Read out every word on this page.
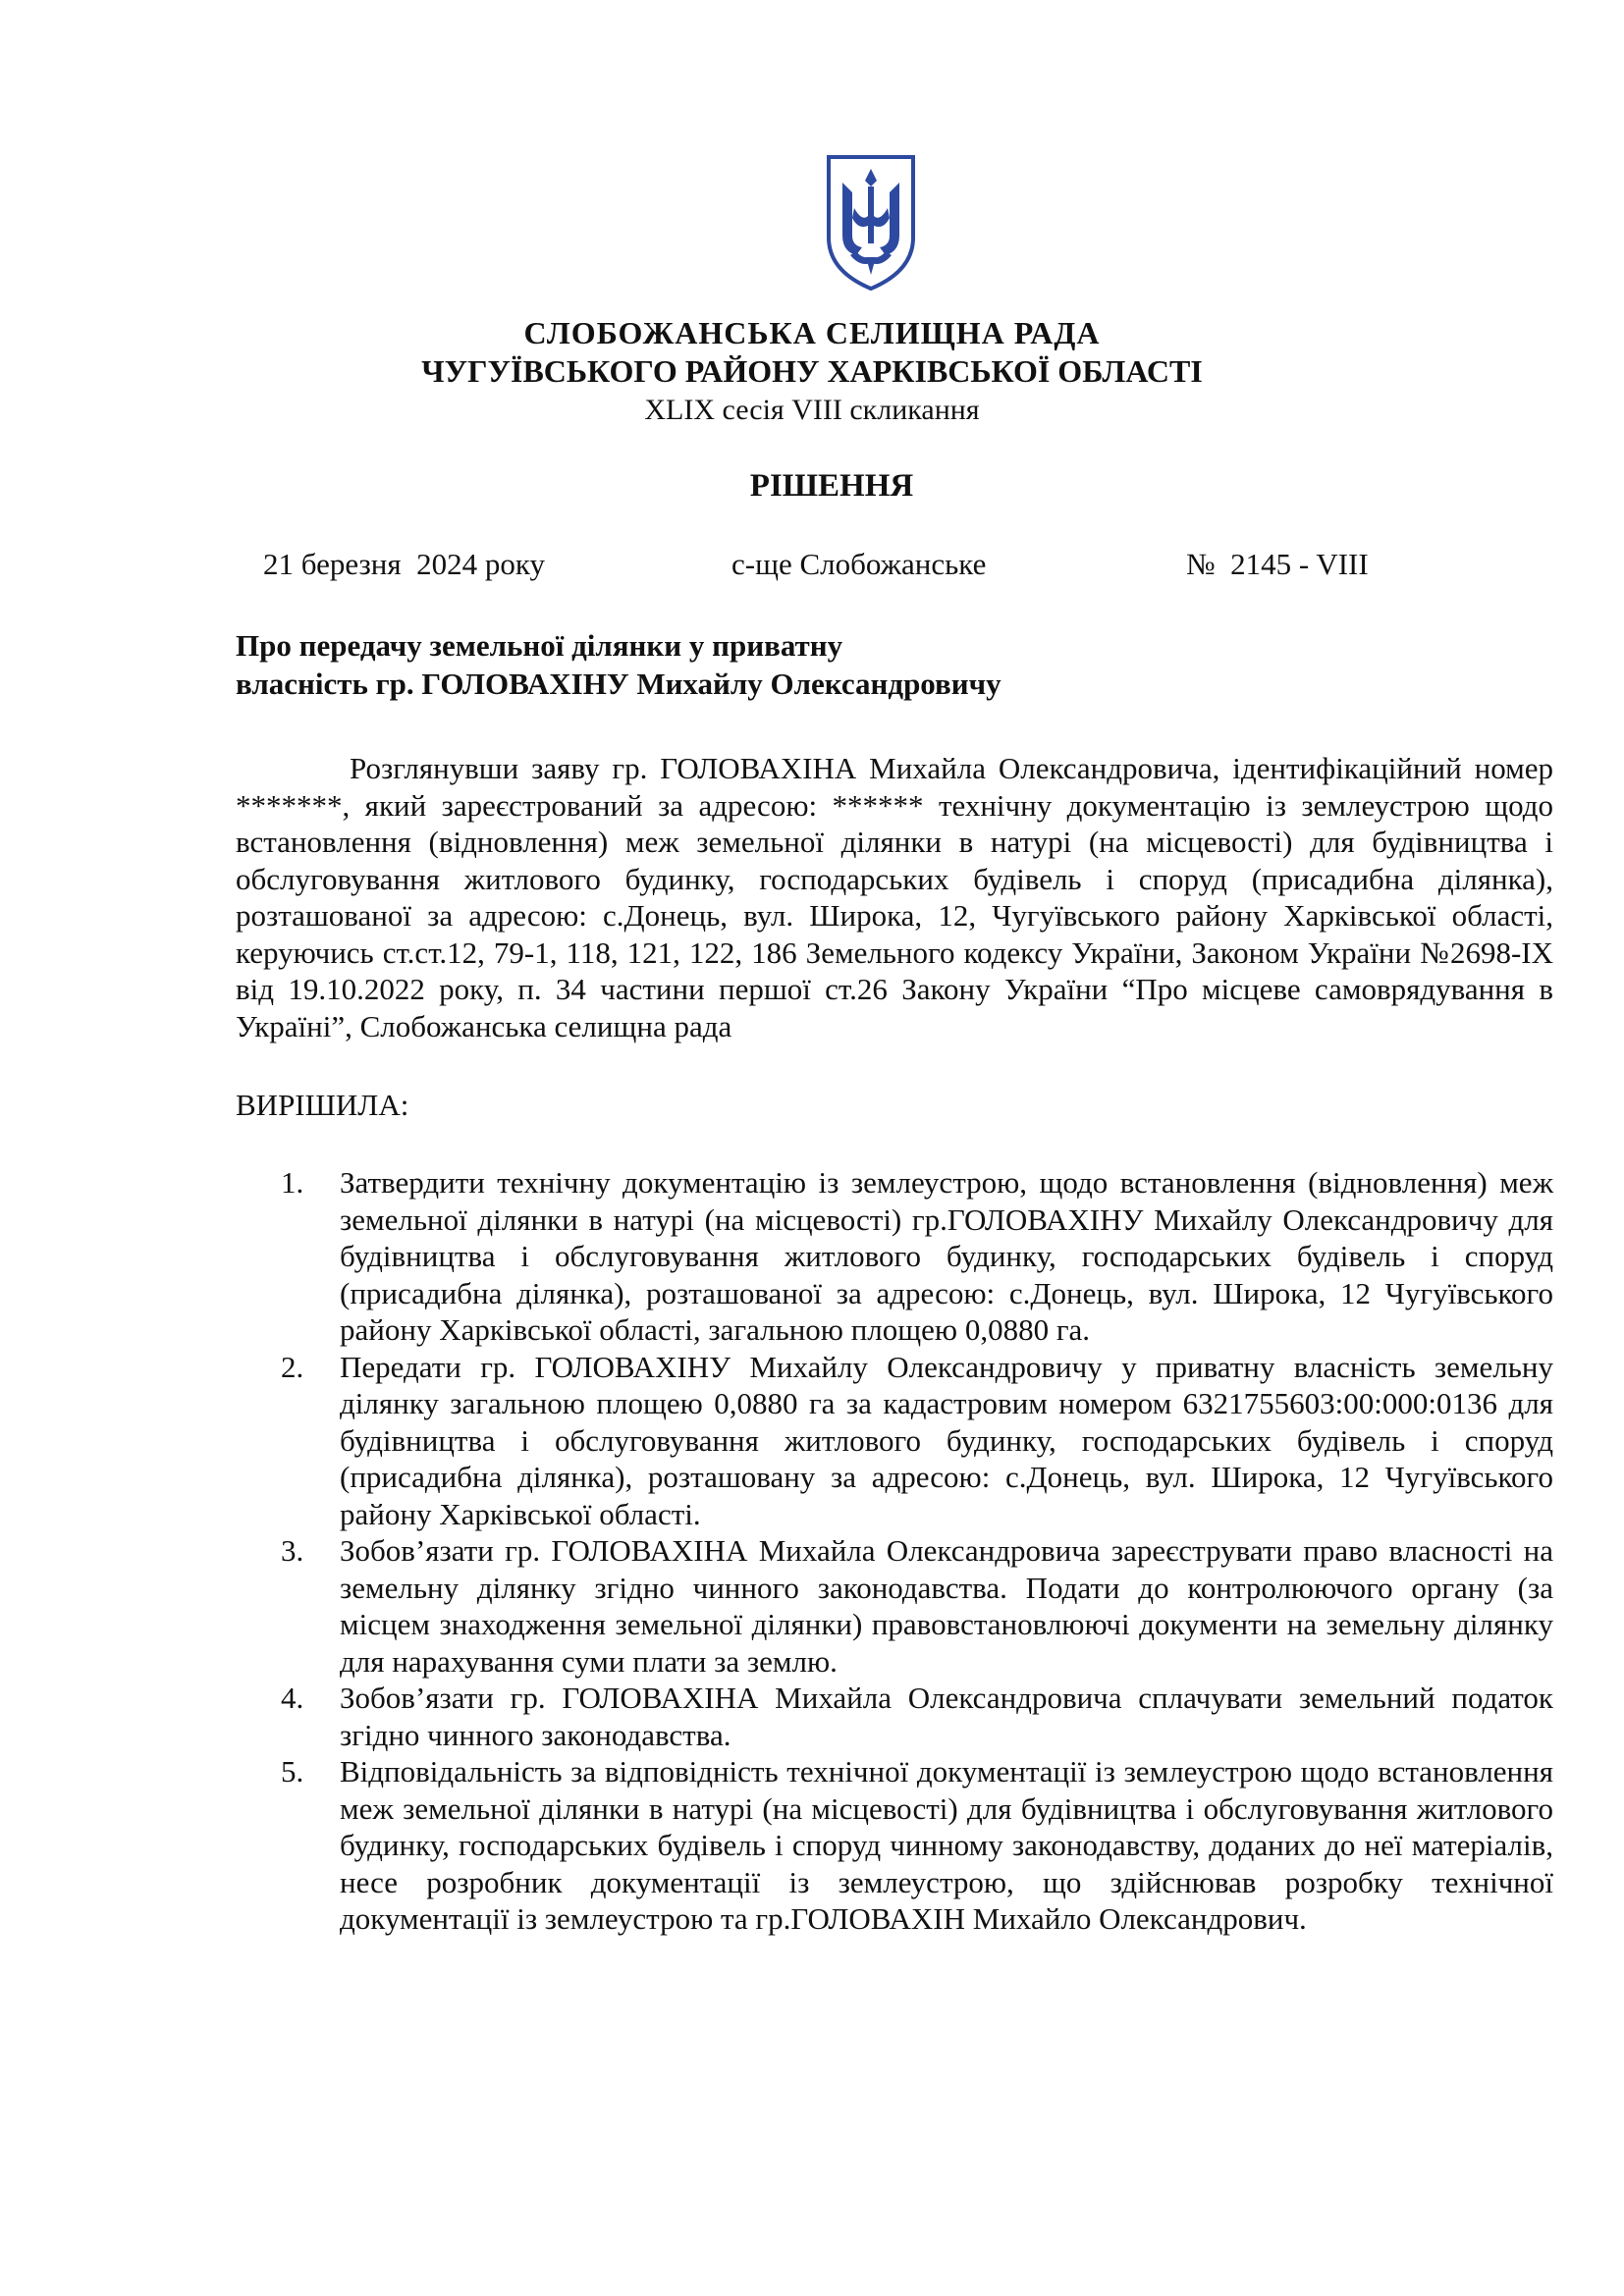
СЛОБОЖАНСЬКА СЕЛИЩНА РАДА
ЧУГУЇВСЬКОГО РАЙОНУ ХАРКІВСЬКОЇ ОБЛАСТІ
XLIX сесія VIII скликання
РІШЕННЯ
21 березня  2024 року	с-ще Слобожанське	№  2145 - VIII
Про передачу земельної ділянки у приватну
власність гр. ГОЛОВАХІНУ Михайлу Олександровичу
Розглянувши заяву гр. ГОЛОВАХІНА Михайла Олександровича, ідентифікаційний номер *******, який зареєстрований за адресою: ****** технічну документацію із землеустрою щодо встановлення (відновлення) меж земельної ділянки в натурі (на місцевості) для будівництва і обслуговування житлового будинку, господарських будівель і споруд (присадибна ділянка), розташованої за адресою: с.Донець, вул. Широка, 12, Чугуївського району Харківської області, керуючись ст.ст.12, 79-1, 118, 121, 122, 186 Земельного кодексу України, Законом України №2698-ІХ від 19.10.2022 року, п. 34 частини першої ст.26 Закону України “Про місцеве самоврядування в Україні”, Слобожанська селищна рада
ВИРІШИЛА:
1. Затвердити технічну документацію із землеустрою, щодо встановлення (відновлення) меж земельної ділянки в натурі (на місцевості) гр.ГОЛОВАХІНУ Михайлу Олександровичу для будівництва і обслуговування житлового будинку, господарських будівель і споруд (присадибна ділянка), розташованої за адресою: с.Донець, вул. Широка, 12 Чугуївського району Харківської області, загальною площею 0,0880 га.
2. Передати гр. ГОЛОВАХІНУ Михайлу Олександровичу у приватну власність земельну ділянку загальною площею 0,0880 га за кадастровим номером 6321755603:00:000:0136 для будівництва і обслуговування житлового будинку, господарських будівель і споруд (присадибна ділянка), розташовану за адресою: с.Донець, вул. Широка, 12 Чугуївського району Харківської області.
3. Зобов’язати гр. ГОЛОВАХІНА Михайла Олександровича зареєструвати право власності на земельну ділянку згідно чинного законодавства. Подати до контролюючого органу (за місцем знаходження земельної ділянки) правовстановлюючі документи на земельну ділянку для нарахування суми плати за землю.
4. Зобов’язати гр. ГОЛОВАХІНА Михайла Олександровича сплачувати земельний податок згідно чинного законодавства.
5. Відповідальність за відповідність технічної документації із землеустрою щодо встановлення меж земельної ділянки в натурі (на місцевості) для будівництва і обслуговування житлового будинку, господарських будівель і споруд чинному законодавству, доданих до неї матеріалів, несе розробник документації із землеустрою, що здійснював розробку технічної документації із землеустрою та гр.ГОЛОВАХІН Михайло Олександрович.
